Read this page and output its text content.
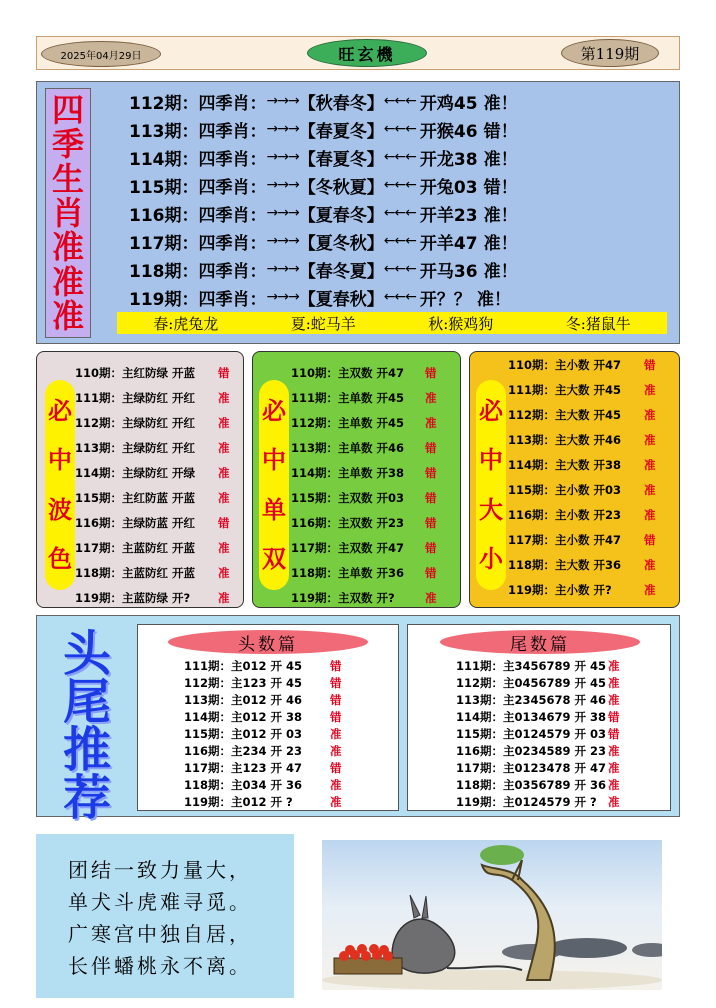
2025年04月29日	旺玄機	第119期
四
季
生
肖
准
准
准
112期：四季肖： →→→ 【秋春冬】 ←←← 开鸡45 准！
113期：四季肖： →→→ 【春夏冬】 ←←← 开猴46 错！
114期：四季肖： →→→ 【春夏冬】 ←←← 开龙38 准！
115期：四季肖： →→→ 【冬秋夏】 ←←← 开兔03 错！
116期：四季肖： →→→ 【夏春冬】 ←←← 开羊23 准！
117期：四季肖： →→→ 【夏冬秋】 ←←← 开羊47 准！
118期：四季肖： →→→ 【春冬夏】 ←←← 开马36 准！
119期：四季肖： →→→ 【夏春秋】 ←←← 开？？ 准！
春:虎兔龙	夏:蛇马羊	秋:猴鸡狗	冬:猪鼠牛
必
中
波
色
110期：主红防绿 开蓝 错
111期：主绿防红 开红 准
112期：主绿防红 开红 准
113期：主绿防红 开红 准
114期：主绿防红 开绿 准
115期：主红防蓝 开蓝 准
116期：主绿防蓝 开红 错
117期：主蓝防红 开蓝 准
118期：主蓝防红 开蓝 准
119期：主蓝防绿 开? 准
必
中
单
双
110期：主双数 开47 错
111期：主单数 开45 准
112期：主单数 开45 准
113期：主单数 开46 错
114期：主单数 开38 错
115期：主双数 开03 错
116期：主双数 开23 错
117期：主双数 开47 错
118期：主单数 开36 错
119期：主双数 开?	准
必
中
大
小
110期：主小数 开47 错
111期：主大数 开45 准
112期：主大数 开45 准
113期：主大数 开46 准
114期：主大数 开38 准
115期：主小数 开03 准
116期：主小数 开23 准
117期：主小数 开47 错
118期：主大数 开36 准
119期：主小数 开?	准
头
尾
推
荐
头数篇
111期：主012 开 45 错
112期：主123 开 45 错
113期：主012 开 46 错
114期：主012 开 38 错
115期：主012 开 03 准
116期：主234 开 23 准
117期：主123 开 47 错
118期：主034 开 36 准
119期：主012 开 ?	准
尾数篇
111期：主3456789 开 45 准
112期：主0456789 开 45 准
113期：主2345678 开 46 准
114期：主0134679 开 38 错
115期：主0124579 开 03 错
116期：主0234589 开 23 准
117期：主0123478 开 47 准
118期：主0356789 开 36 准
119期：主0124579 开 ? 准
团结一致力量大，
单犬斗虎难寻觅。
广寒宫中独自居，
长伴蟠桃永不离。
